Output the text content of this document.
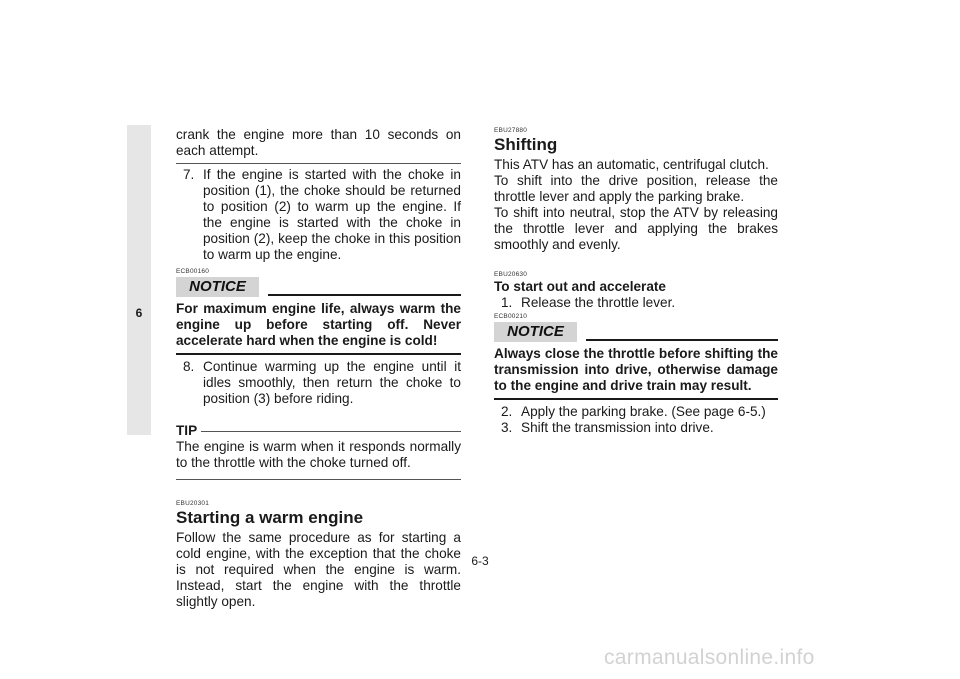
6

crank the engine more than 10 seconds on each attempt.

7. If the engine is started with the choke in position (1), the choke should be returned to position (2) to warm up the engine. If the engine is started with the choke in position (2), keep the choke in this position to warm up the engine.
ECB00160
NOTICE

For maximum engine life, always warm the engine up before starting off. Never accelerate hard when the engine is cold!

8. Continue warming up the engine until it idles smoothly, then return the choke to position (3) before riding.
TIP

The engine is warm when it responds normally to the throttle with the choke turned off.

EBU20301

Starting a warm engine

Follow the same procedure as for starting a cold engine, with the exception that the choke is not required when the engine is warm. Instead, start the engine with the throttle slightly open.

EBU27880

Shifting

This ATV has an automatic, centrifugal clutch.

To shift into the drive position, release the throttle lever and apply the parking brake.

To shift into neutral, stop the ATV by releasing the throttle lever and applying the brakes smoothly and evenly.

EBU20630

To start out and accelerate

1. Release the throttle lever.
ECB00210
NOTICE

Always close the throttle before shifting the transmission into drive, otherwise damage to the engine and drive train may result.

2. Apply the parking brake. (See page 6-5.)
3. Shift the transmission into drive.
6-3
carmanualsonline.info
